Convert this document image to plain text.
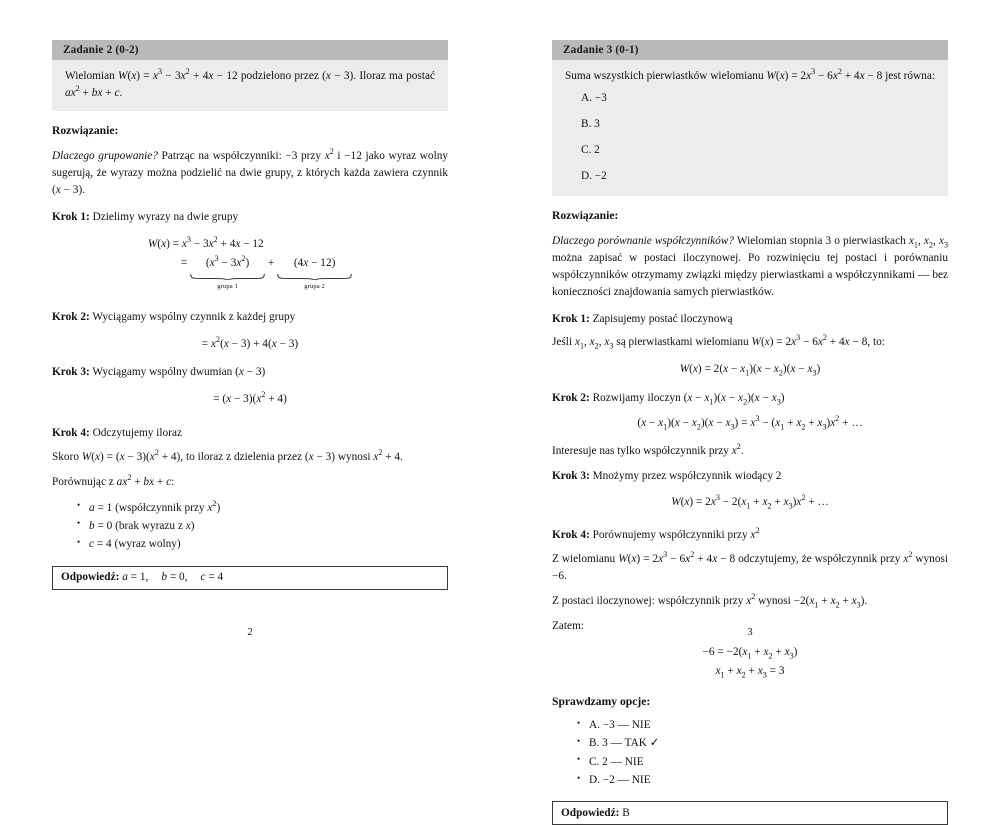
Zadanie 2 (0-2)
Wielomian $W(x) = x^3 - 3x^2 + 4x - 12$ podzielono przez (x − 3). Iloraz ma postać $ax^2$ + bx + c.
Rozwiązanie:

Dlaczego grupowanie? Patrząc na współczynniki: −3 przy $x^2$ i −12 jako wyraz wolny sugerują, że wyrazy można podzielić na dwie grupy, z których każda zawiera czynnik (x − 3).

Krok 1: Dzielimy wyrazy na dwie grupy
$W(x) = x^3 - 3x^2 + 4x - 12$
=	$(x^3 - 3x^2)$
grupa 1

+
	(4x − 12)
grupa 2
Krok 2: Wyciągamy wspólny czynnik z każdej grupy
= $x^2(x - 3) + 4(x - 3)$
Krok 3: Wyciągamy wspólny dwumian (x − 3)
= $(x - 3)(x^2 + 4)$
Krok 4: Odczytujemy iloraz

Skoro $W(x) = (x - 3)(x^2 + 4)$, to iloraz z dzielenia przez (x − 3) wynosi $x^2 + 4$.

Porównując z $ax^2$ + bx + c:

• a = 1 (współczynnik przy $x^2$)
• b = 0 (brak wyrazu z x)
• c = 4 (wyraz wolny)
Odpowiedź: a = 1, b = 0, c = 4
2
Zadanie 3 (0-1)
Suma wszystkich pierwiastków wielomianu $W(x) = 2x^3 - 6x^2 + 4x - 8$ jest równa:
A. −3
B. 3
C. 2
D. −2
Rozwiązanie:

Dlaczego porównanie współczynników? Wielomian stopnia 3 o pierwiastkach $x_1$, $x_2$, $x_3$ można zapisać w postaci iloczynowej. Po rozwinięciu tej postaci i porównaniu współczynników otrzymamy związki między pierwiastkami a współczynnikami — bez konieczności znajdowania samych pierwiastków.

Krok 1: Zapisujemy postać iloczynową

Jeśli $x_1$, $x_2$, $x_3$ są pierwiastkami wielomianu $W(x) = 2x^3 - 6x^2 + 4x - 8$, to:

$W(x) = 2(x - x_1)(x - x_2)(x - x_3)$
Krok 2: Rozwijamy iloczyn $(x - x_1)(x - x_2)(x - x_3)$
$(x - x_1)(x - x_2)(x - x_3) = x^3 - (x_1 + x_2 + x_3)x^2$ + …

Interesuje nas tylko współczynnik przy $x^2$.

Krok 3: Mnożymy przez współczynnik wiodący 2
$W(x) = 2x^3 - 2(x_1 + x_2 + x_3)x^2$ + …
Krok 4: Porównujemy współczynniki przy $x^2$

Z wielomianu $W(x) = 2x^3 - 6x^2 + 4x - 8$ odczytujemy, że współczynnik przy $x^2$ wynosi −6.

Z postaci iloczynowej: współczynnik przy $x^2$ wynosi $-2(x_1 + x_2 + x_3)$.

Zatem:

$-6 = -2(x_1 + x_2 + x_3)$
$x_1 + x_2 + x_3 = 3$
Sprawdzamy opcje:
• A. −3 — NIE
• B. 3 — TAK ✓
• C. 2 — NIE
• D. −2 — NIE
Odpowiedź: B
3
